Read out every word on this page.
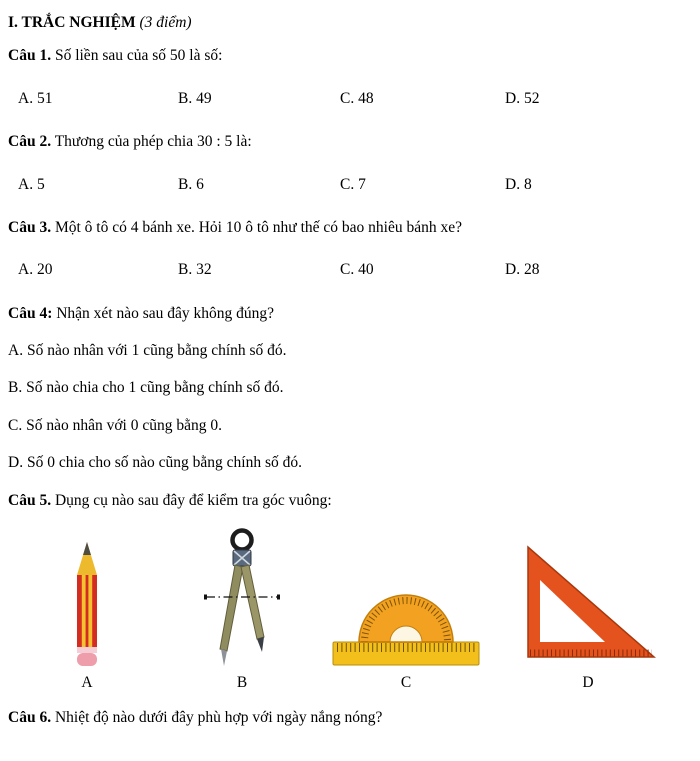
I. TRẮC NGHIỆM (3 điểm)

Câu 1. Số liền sau của số 50 là số:

A. 51	B. 49	C. 48	D. 52

Câu 2. Thương của phép chia 30 : 5 là:

A. 5	B. 6	C. 7	D. 8

Câu 3. Một ô tô có 4 bánh xe. Hỏi 10 ô tô như thế có bao nhiêu bánh xe?

A. 20	B. 32	C. 40	D. 28

Câu 4: Nhận xét nào sau đây không đúng?

A. Số nào nhân với 1 cũng bằng chính số đó.

B. Số nào chia cho 1 cũng bằng chính số đó.

C. Số nào nhân với 0 cũng bằng 0.

D. Số 0 chia cho số nào cũng bằng chính số đó.

Câu 5. Dụng cụ nào sau đây để kiểm tra góc vuông:

A	B	C	D

Câu 6. Nhiệt độ nào dưới đây phù hợp với ngày nắng nóng?
